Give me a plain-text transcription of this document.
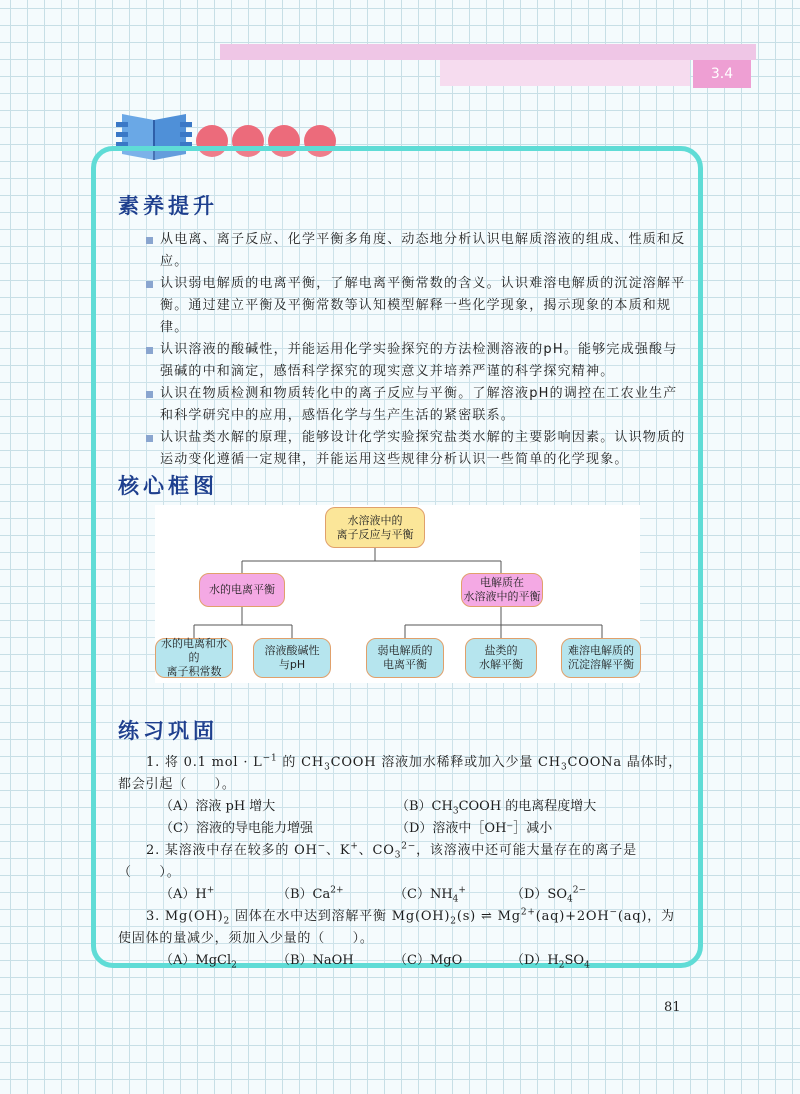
3.4
素养提升
从电离、离子反应、化学平衡多角度、动态地分析认识电解质溶液的组成、性质和反应。
认识弱电解质的电离平衡，了解电离平衡常数的含义。认识难溶电解质的沉淀溶解平衡。通过建立平衡及平衡常数等认知模型解释一些化学现象，揭示现象的本质和规律。
认识溶液的酸碱性，并能运用化学实验探究的方法检测溶液的pH。能够完成强酸与强碱的中和滴定，感悟科学探究的现实意义并培养严谨的科学探究精神。
认识在物质检测和物质转化中的离子反应与平衡。了解溶液pH的调控在工农业生产和科学研究中的应用，感悟化学与生产生活的紧密联系。
认识盐类水解的原理，能够设计化学实验探究盐类水解的主要影响因素。认识物质的运动变化遵循一定规律，并能运用这些规律分析认识一些简单的化学现象。
核心框图
水溶液中的
离子反应与平衡
水的电离平衡
电解质在
水溶液中的平衡
水的电离和水的
离子积常数
溶液酸碱性
与pH
弱电解质的
电离平衡
盐类的
水解平衡
难溶电解质的
沉淀溶解平衡
练习巩固
1. 将 0.1 mol · $L^{-1}$ 的 $CH_3COOH$ 溶液加水稀释或加入少量 $CH_3COONa$ 晶体时，都会引起（　　）。
（A）溶液 pH 增大	$(B)CH_3COOH$ 的电离程度增大
（C）溶液的导电能力增强	（D）溶液中［OH⁻］减小
2. 某溶液中存在较多的 OH−、K+、$CO_3^{2-}$，该溶液中还可能大量存在的离子是（　　）。
（A）H+	$(B)Ca^{2+}$	$(C)NH_4^+$	$(D)SO_4^{2-}$
3. $Mg(OH)_2$ 固体在水中达到溶解平衡 $Mg(OH)_2(s)$ ⇌ $Mg^{2+}(aq)+2OH^-(aq)$，为使固体的量减少，须加入少量的（　　）。
（A）MgCl$_2$	（B）NaOH	（C）MgO	$(D)H_2SO_4$
81
